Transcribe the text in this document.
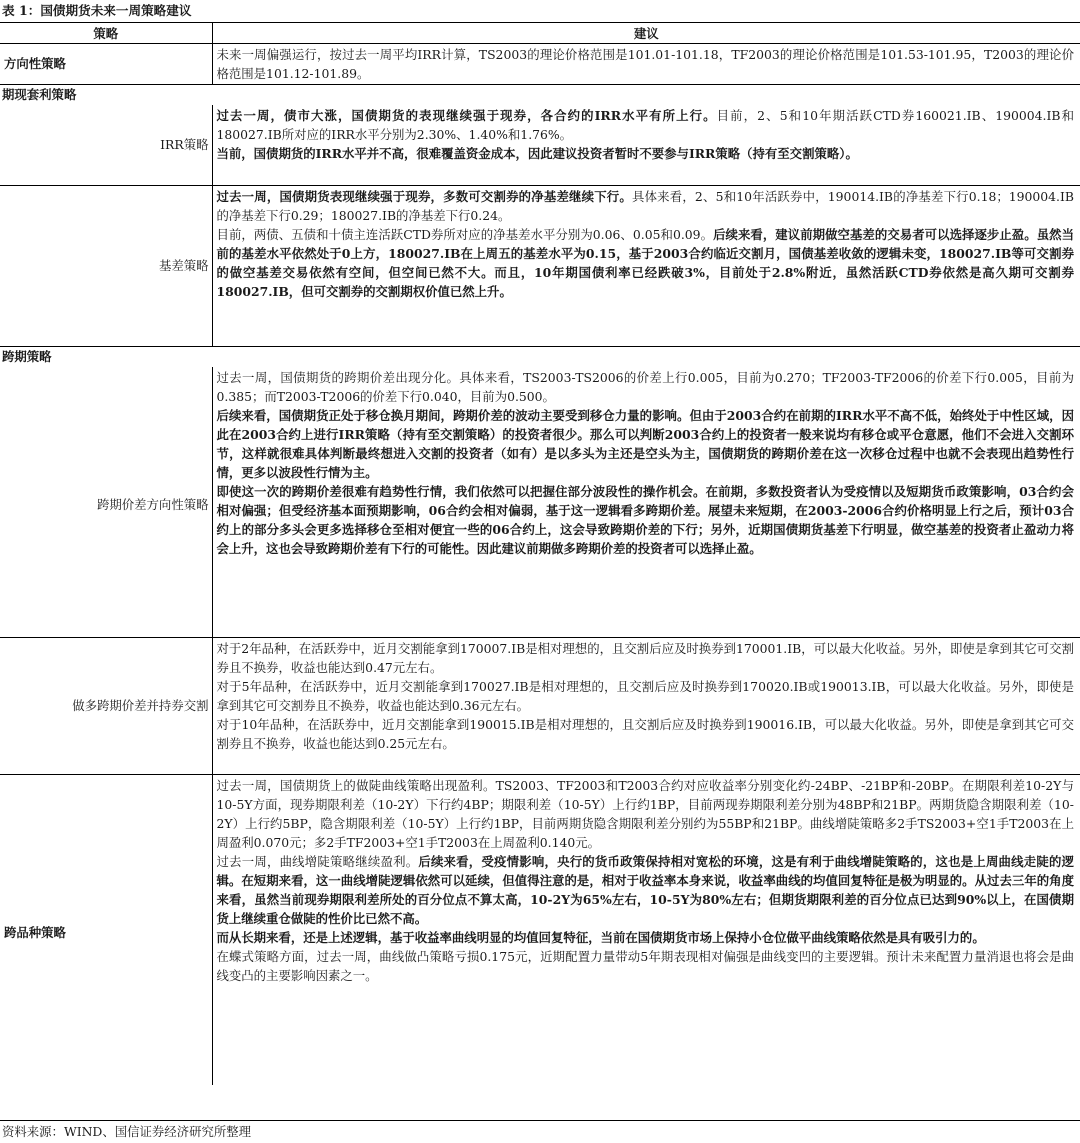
表 1：国债期货未来一周策略建议
策略	建议

方向性策略	未来一周偏强运行，按过去一周平均IRR计算，TS2003的理论价格范围是101.01-101.18，TF2003的理论价格范围是101.53-101.95，T2003的理论价格范围是101.12-101.89。
期现套利策略	

IRR策略	过去一周，债市大涨，国债期货的表现继续强于现券，各合约的IRR水平有所上行。目前，2、5和10年期活跃CTD券160021.IB、190004.IB和180027.IB所对应的IRR水平分别为2.30%、1.40%和1.76%。

当前，国债期货的IRR水平并不高，很难覆盖资金成本，因此建议投资者暂时不要参与IRR策略（持有至交割策略）。

基差策略	过去一周，国债期货表现继续强于现券，多数可交割券的净基差继续下行。具体来看，2、5和10年活跃券中，190014.IB的净基差下行0.18；190004.IB的净基差下行0.29；180027.IB的净基差下行0.24。

目前，两债、五债和十债主连活跃CTD券所对应的净基差水平分别为0.06、0.05和0.09。后续来看，建议前期做空基差的交易者可以选择逐步止盈。虽然当前的基差水平依然处于0上方，180027.IB在上周五的基差水平为0.15，基于2003合约临近交割月，国债基差收敛的逻辑未变，180027.IB等可交割券的做空基差交易依然有空间，但空间已然不大。而且，10年期国债利率已经跌破3%，目前处于2.8%附近，虽然活跃CTD券依然是高久期可交割券180027.IB，但可交割券的交割期权价值已然上升。

跨期策略	

跨期价差方向性策略	过去一周，国债期货的跨期价差出现分化。具体来看，TS2003-TS2006的价差上行0.005，目前为0.270；TF2003-TF2006的价差下行0.005，目前为0.385；而T2003-T2006的价差下行0.040，目前为0.500。

后续来看，国债期货正处于移仓换月期间，跨期价差的波动主要受到移仓力量的影响。但由于2003合约在前期的IRR水平不高不低，始终处于中性区域，因此在2003合约上进行IRR策略（持有至交割策略）的投资者很少。那么可以判断2003合约上的投资者一般来说均有移仓或平仓意愿，他们不会进入交割环节，这样就很难具体判断最终想进入交割的投资者（如有）是以多头为主还是空头为主，国债期货的跨期价差在这一次移仓过程中也就不会表现出趋势性行情，更多以波段性行情为主。

即使这一次的跨期价差很难有趋势性行情，我们依然可以把握住部分波段性的操作机会。在前期，多数投资者认为受疫情以及短期货币政策影响，03合约会相对偏强；但受经济基本面预期影响，06合约会相对偏弱，基于这一逻辑看多跨期价差。展望未来短期，在2003-2006合约价格明显上行之后，预计03合约上的部分多头会更多选择移仓至相对便宜一些的06合约上，这会导致跨期价差的下行；另外，近期国债期货基差下行明显，做空基差的投资者止盈动力将会上升，这也会导致跨期价差有下行的可能性。因此建议前期做多跨期价差的投资者可以选择止盈。

做多跨期价差并持券交割	对于2年品种，在活跃券中，近月交割能拿到170007.IB是相对理想的，且交割后应及时换券到170001.IB，可以最大化收益。另外，即使是拿到其它可交割券且不换券，收益也能达到0.47元左右。

对于5年品种，在活跃券中，近月交割能拿到170027.IB是相对理想的，且交割后应及时换券到170020.IB或190013.IB，可以最大化收益。另外，即使是拿到其它可交割券且不换券，收益也能达到0.36元左右。

对于10年品种，在活跃券中，近月交割能拿到190015.IB是相对理想的，且交割后应及时换券到190016.IB，可以最大化收益。另外，即使是拿到其它可交割券且不换券，收益也能达到0.25元左右。

跨品种策略	过去一周，国债期货上的做陡曲线策略出现盈利。TS2003、TF2003和T2003合约对应收益率分别变化约-24BP、-21BP和-20BP。在期限利差10-2Y与10-5Y方面，现券期限利差（10-2Y）下行约4BP；期限利差（10-5Y）上行约1BP，目前两现券期限利差分别为48BP和21BP。两期货隐含期限利差（10-2Y）上行约5BP，隐含期限利差（10-5Y）上行约1BP，目前两期货隐含期限利差分别约为55BP和21BP。曲线增陡策略多2手TS2003+空1手T2003在上周盈利0.070元；多2手TF2003+空1手T2003在上周盈利0.140元。

过去一周，曲线增陡策略继续盈利。后续来看，受疫情影响，央行的货币政策保持相对宽松的环境，这是有利于曲线增陡策略的，这也是上周曲线走陡的逻辑。在短期来看，这一曲线增陡逻辑依然可以延续，但值得注意的是，相对于收益率本身来说，收益率曲线的均值回复特征是极为明显的。从过去三年的角度来看，虽然当前现券期限利差所处的百分位点不算太高，10-2Y为65%左右，10-5Y为80%左右；但期货期限利差的百分位点已达到90%以上，在国债期货上继续重仓做陡的性价比已然不高。

而从长期来看，还是上述逻辑，基于收益率曲线明显的均值回复特征，当前在国债期货市场上保持小仓位做平曲线策略依然是具有吸引力的。

在蝶式策略方面，过去一周，曲线做凸策略亏损0.175元，近期配置力量带动5年期表现相对偏强是曲线变凹的主要逻辑。预计未来配置力量消退也将会是曲线变凸的主要影响因素之一。

资料来源：WIND、国信证券经济研究所整理
